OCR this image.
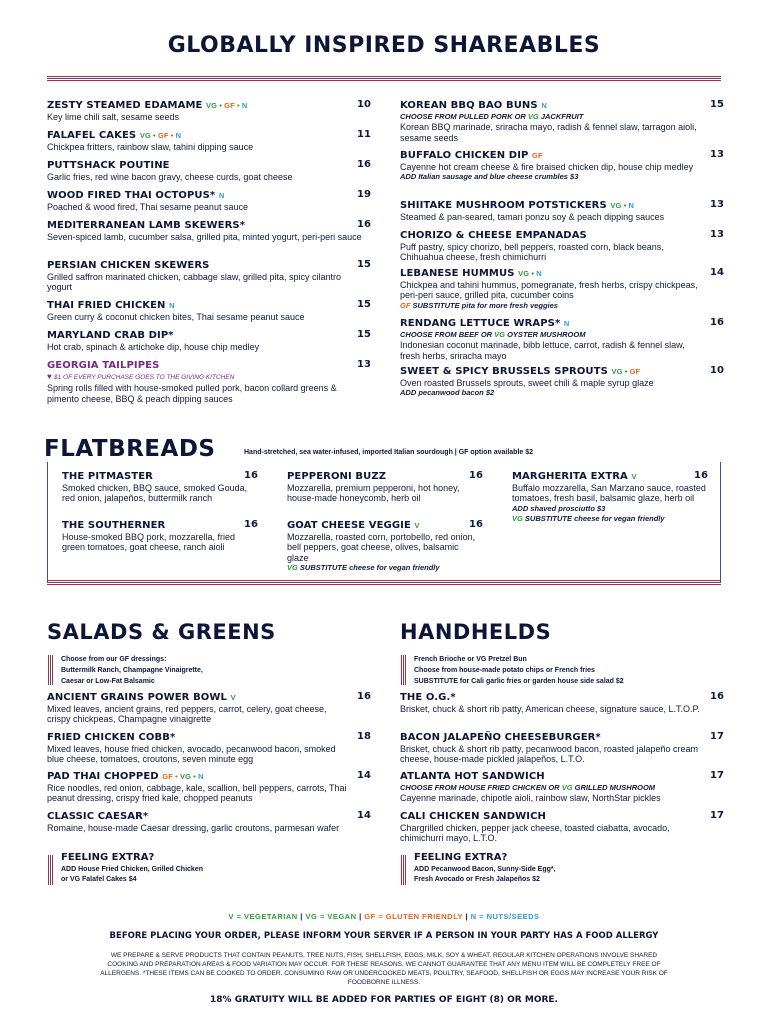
GLOBALLY INSPIRED SHAREABLES
ZESTY STEAMED EDAMAME VG • GF • N	10
Key lime chili salt, sesame seeds
FALAFEL CAKES VG • GF • N	11
Chickpea fritters, rainbow slaw, tahini dipping sauce
PUTTSHACK POUTINE	16
Garlic fries, red wine bacon gravy, cheese curds, goat cheese
WOOD FIRED THAI OCTOPUS* N	19
Poached & wood fired, Thai sesame peanut sauce
MEDITERRANEAN LAMB SKEWERS*	16
Seven-spiced lamb, cucumber salsa, grilled pita, minted yogurt, peri-peri sauce
PERSIAN CHICKEN SKEWERS	15
Grilled saffron marinated chicken, cabbage slaw, grilled pita, spicy cilantro yogurt
THAI FRIED CHICKEN N	15
Green curry & coconut chicken bites, Thai sesame peanut sauce
MARYLAND CRAB DIP*	15
Hot crab, spinach & artichoke dip, house chip medley
GEORGIA TAILPIPES	13
♥ $1 OF EVERY PURCHASE GOES TO THE GIVING KITCHEN
Spring rolls filled with house-smoked pulled pork, bacon collard greens & pimento cheese, BBQ & peach dipping sauces
KOREAN BBQ BAO BUNS N	15
CHOOSE FROM PULLED PORK OR VG JACKFRUIT
Korean BBQ marinade, sriracha mayo, radish & fennel slaw, tarragon aioli, sesame seeds
BUFFALO CHICKEN DIP GF	13
Cayenne hot cream cheese & fire braised chicken dip, house chip medley
ADD Italian sausage and blue cheese crumbles $3
SHIITAKE MUSHROOM POTSTICKERS VG • N	13
Steamed & pan-seared, tamari ponzu soy & peach dipping sauces
CHORIZO & CHEESE EMPANADAS	13
Puff pastry, spicy chorizo, bell peppers, roasted corn, black beans, Chihuahua cheese, fresh chimichurri
LEBANESE HUMMUS VG • N	14
Chickpea and tahini hummus, pomegranate, fresh herbs, crispy chickpeas, peri-peri sauce, grilled pita, cucumber coins
GF SUBSTITUTE pita for more fresh veggies
RENDANG LETTUCE WRAPS* N	16
CHOOSE FROM BEEF OR VG OYSTER MUSHROOM
Indonesian coconut marinade, bibb lettuce, carrot, radish & fennel slaw, fresh herbs, sriracha mayo
SWEET & SPICY BRUSSELS SPROUTS VG • GF	10
Oven roasted Brussels sprouts, sweet chili & maple syrup glaze
ADD pecanwood bacon $2
FLATBREADS	Hand-stretched, sea water-infused, imported Italian sourdough | GF option available $2
THE PITMASTER	16
Smoked chicken, BBQ sauce, smoked Gouda, red onion, jalapeños, buttermilk ranch
THE SOUTHERNER	16
House-smoked BBQ pork, mozzarella, fried green tomatoes, goat cheese, ranch aioli
PEPPERONI BUZZ	16
Mozzarella, premium pepperoni, hot honey, house-made honeycomb, herb oil
GOAT CHEESE VEGGIE V	16
Mozzarella, roasted corn, portobello, red onion, bell peppers, goat cheese, olives, balsamic glaze
VG SUBSTITUTE cheese for vegan friendly
MARGHERITA EXTRA V	16
Buffalo mozzarella, San Marzano sauce, roasted tomatoes, fresh basil, balsamic glaze, herb oil
ADD shaved prosciutto $3
VG SUBSTITUTE cheese for vegan friendly
SALADS & GREENS
Choose from our GF dressings:
Buttermilk Ranch, Champagne Vinaigrette,
Caesar or Low-Fat Balsamic
ANCIENT GRAINS POWER BOWL V	16
Mixed leaves, ancient grains, red peppers, carrot, celery, goat cheese, crispy chickpeas, Champagne vinaigrette
FRIED CHICKEN COBB*	18
Mixed leaves, house fried chicken, avocado, pecanwood bacon, smoked blue cheese, tomatoes, croutons, seven minute egg
PAD THAI CHOPPED GF • VG • N	14
Rice noodles, red onion, cabbage, kale, scallion, bell peppers, carrots, Thai peanut dressing, crispy fried kale, chopped peanuts
CLASSIC CAESAR*	14
Romaine, house-made Caesar dressing, garlic croutons, parmesan wafer
FEELING EXTRA?
ADD House Fried Chicken, Grilled Chicken
or VG Falafel Cakes $4
HANDHELDS
French Brioche or VG Pretzel Bun
Choose from house-made potato chips or French fries
SUBSTITUTE for Cali garlic fries or garden house side salad $2
THE O.G.*	16
Brisket, chuck & short rib patty, American cheese, signature sauce, L.T.O.P.
BACON JALAPEÑO CHEESEBURGER*	17
Brisket, chuck & short rib patty, pecanwood bacon, roasted jalapeño cream cheese, house-made pickled jalapeños, L.T.O.
ATLANTA HOT SANDWICH	17
CHOOSE FROM HOUSE FRIED CHICKEN OR VG GRILLED MUSHROOM
Cayenne marinade, chipotle aioli, rainbow slaw, NorthStar pickles
CALI CHICKEN SANDWICH	17
Chargrilled chicken, pepper jack cheese, toasted ciabatta, avocado, chimichurri mayo, L.T.O.
FEELING EXTRA?
ADD Pecanwood Bacon, Sunny-Side Egg*,
Fresh Avocado or Fresh Jalapeños $2
V = VEGETARIAN | VG = VEGAN | GF = GLUTEN FRIENDLY | N = NUTS/SEEDS
BEFORE PLACING YOUR ORDER, PLEASE INFORM YOUR SERVER IF A PERSON IN YOUR PARTY HAS A FOOD ALLERGY
WE PREPARE & SERVE PRODUCTS THAT CONTAIN PEANUTS, TREE NUTS, FISH, SHELLFISH, EGGS, MILK, SOY & WHEAT. REGULAR KITCHEN OPERATIONS INVOLVE SHARED COOKING AND PREPARATION AREAS & FOOD VARIATION MAY OCCUR. FOR THESE REASONS, WE CANNOT GUARANTEE THAT ANY MENU ITEM WILL BE COMPLETELY FREE OF ALLERGENS. *THESE ITEMS CAN BE COOKED TO ORDER. CONSUMING RAW OR UNDERCOOKED MEATS, POULTRY, SEAFOOD, SHELLFISH OR EGGS MAY INCREASE YOUR RISK OF FOODBORNE ILLNESS.
18% GRATUITY WILL BE ADDED FOR PARTIES OF EIGHT (8) OR MORE.
